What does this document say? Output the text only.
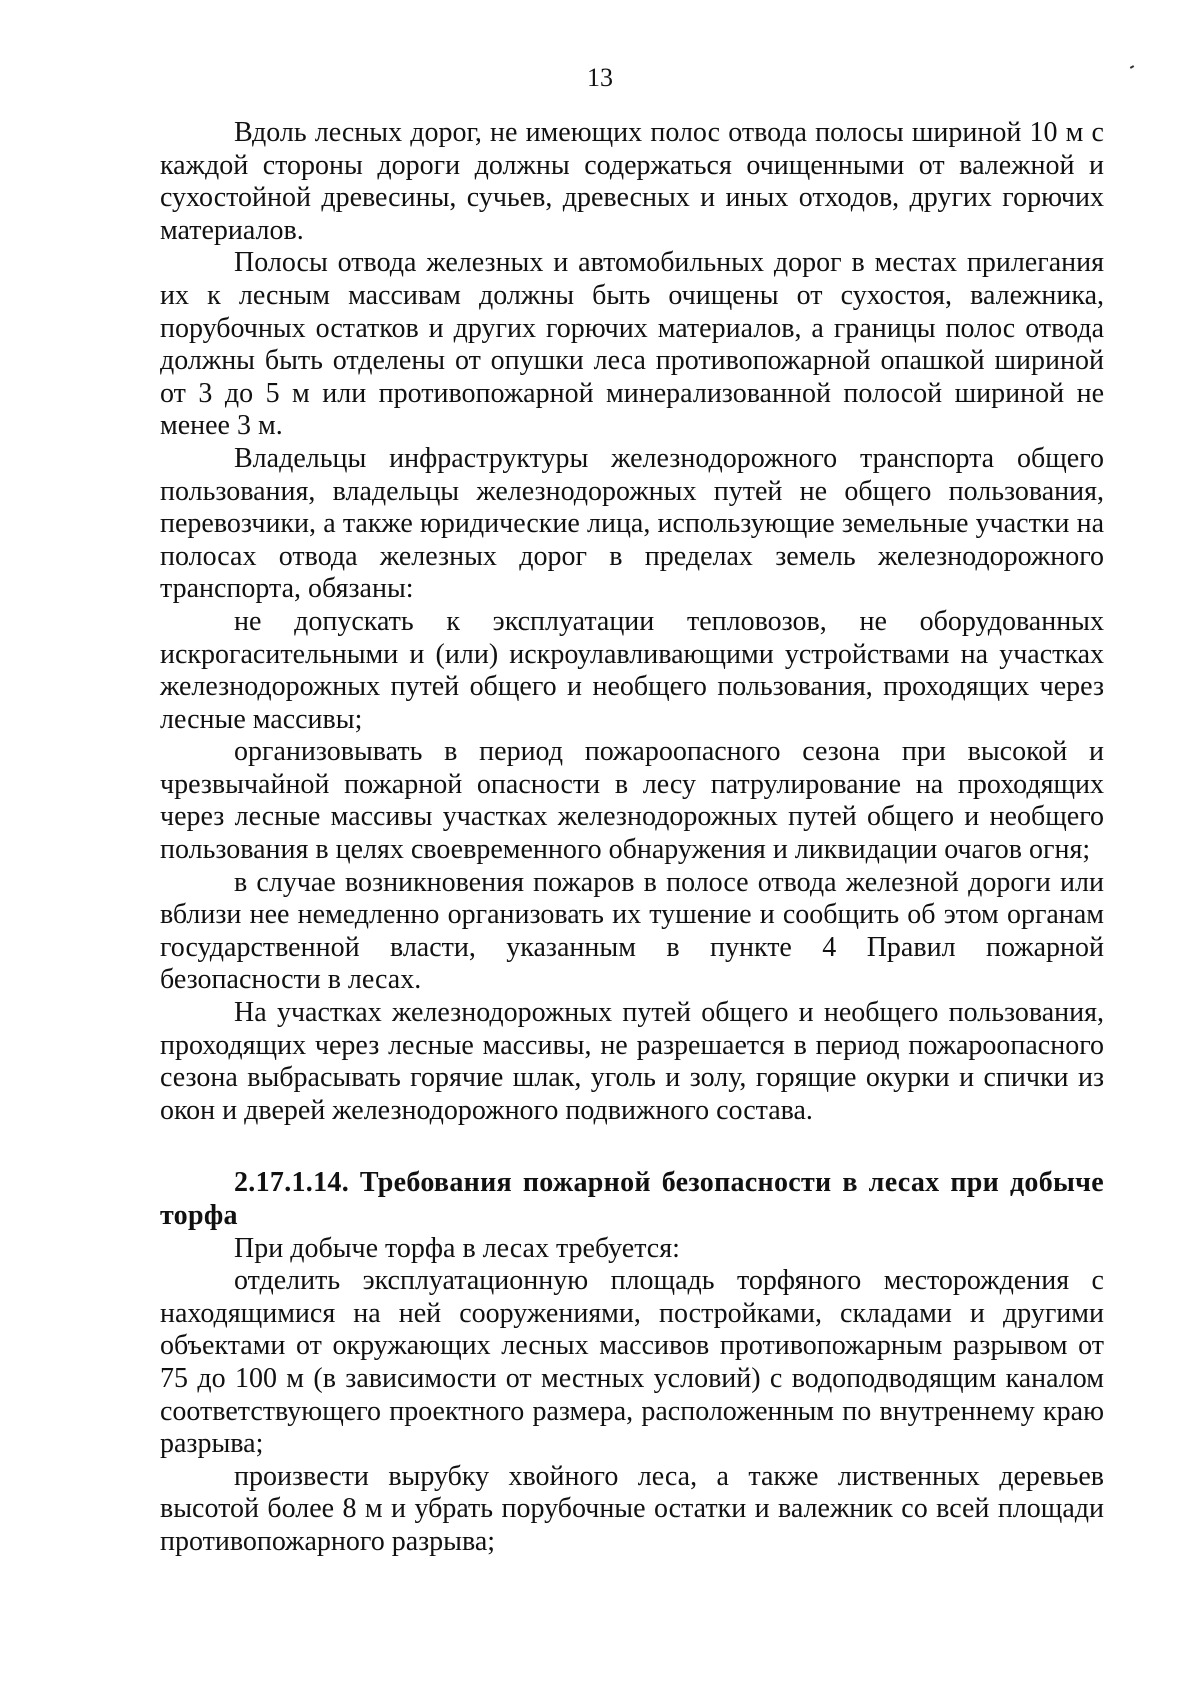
13

Вдоль лесных дорог, не имеющих полос отвода полосы шириной 10 м с каждой стороны дороги должны содержаться очищенными от валежной и сухостойной древесины, сучьев, древесных и иных отходов, других горючих материалов.

Полосы отвода железных и автомобильных дорог в местах прилегания их к лесным массивам должны быть очищены от сухостоя, валежника, порубочных остатков и других горючих материалов, а границы полос отвода должны быть отделены от опушки леса противопожарной опашкой шириной от 3 до 5 м или противопожарной минерализованной полосой шириной не менее 3 м.

Владельцы инфраструктуры железнодорожного транспорта общего пользования, владельцы железнодорожных путей не общего пользования, перевозчики, а также юридические лица, использующие земельные участки на полосах отвода железных дорог в пределах земель железнодорожного транспорта, обязаны:

не допускать к эксплуатации тепловозов, не оборудованных искрогасительными и (или) искроулавливающими устройствами на участках железнодорожных путей общего и необщего пользования, проходящих через лесные массивы;

организовывать в период пожароопасного сезона при высокой и чрезвычайной пожарной опасности в лесу патрулирование на проходящих через лесные массивы участках железнодорожных путей общего и необщего пользования в целях своевременного обнаружения и ликвидации очагов огня;

в случае возникновения пожаров в полосе отвода железной дороги или вблизи нее немедленно организовать их тушение и сообщить об этом органам государственной власти, указанным в пункте 4 Правил пожарной безопасности в лесах.

На участках железнодорожных путей общего и необщего пользования, проходящих через лесные массивы, не разрешается в период пожароопасного сезона выбрасывать горячие шлак, уголь и золу, горящие окурки и спички из окон и дверей железнодорожного подвижного состава.

2.17.1.14. Требования пожарной безопасности в лесах при добыче торфа

При добыче торфа в лесах требуется:

отделить эксплуатационную площадь торфяного месторождения с находящимися на ней сооружениями, постройками, складами и другими объектами от окружающих лесных массивов противопожарным разрывом от 75 до 100 м (в зависимости от местных условий) с водоподводящим каналом соответствующего проектного размера, расположенным по внутреннему краю разрыва;

произвести вырубку хвойного леса, а также лиственных деревьев высотой более 8 м и убрать порубочные остатки и валежник со всей площади противопожарного разрыва;
